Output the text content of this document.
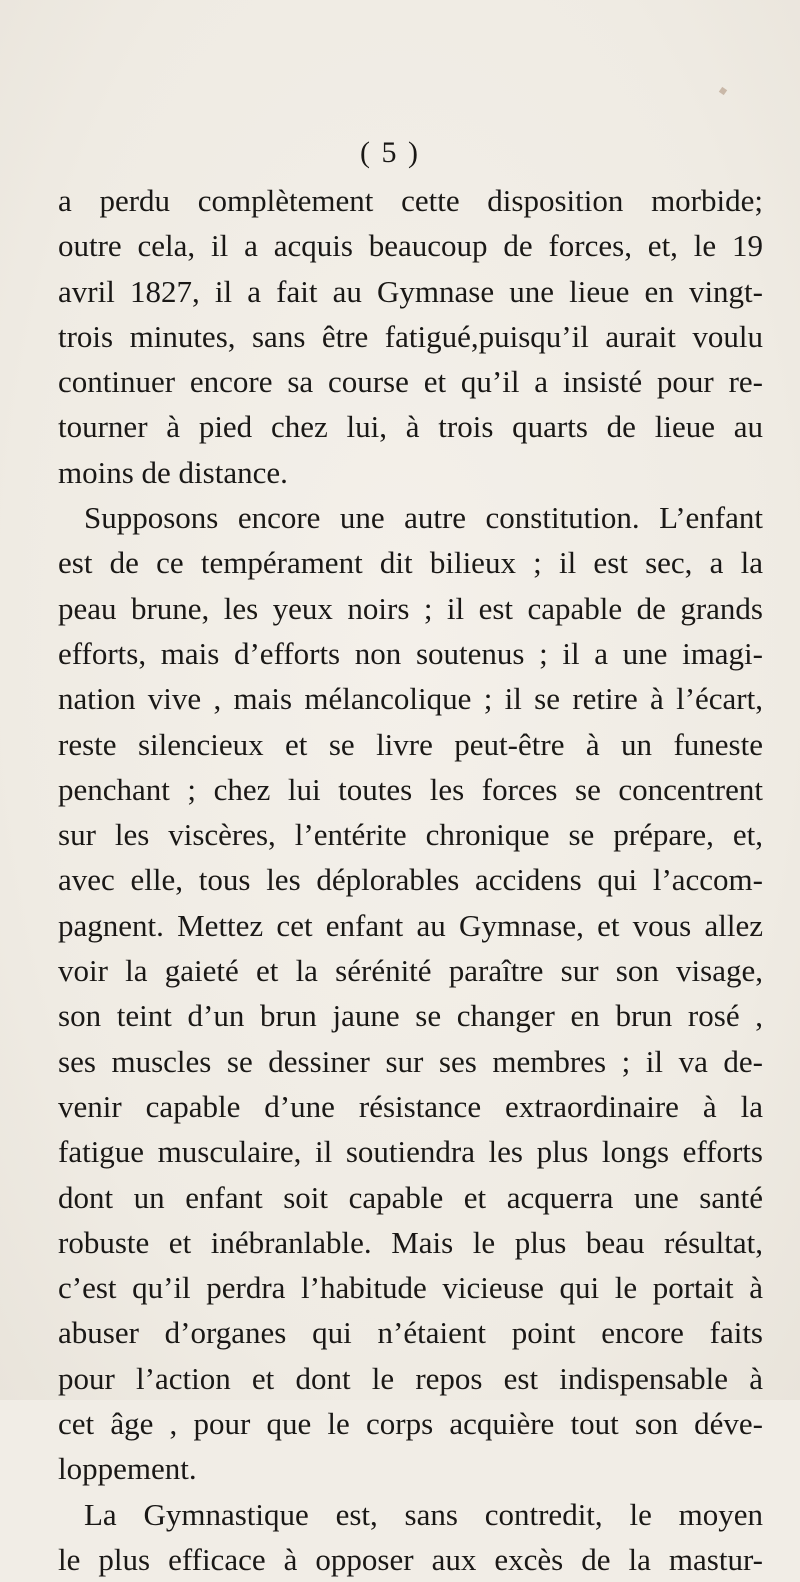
( 5 )
a perdu complètement cette disposition morbide;
outre cela, il a acquis beaucoup de forces, et, le 19
avril 1827, il a fait au Gymnase une lieue en vingt-
trois minutes, sans être fatigué,puisqu’il aurait voulu
continuer encore sa course et qu’il a insisté pour re-
tourner à pied chez lui, à trois quarts de lieue au
moins de distance.
Supposons encore une autre constitution. L’enfant
est de ce tempérament dit bilieux ; il est sec, a la
peau brune, les yeux noirs ; il est capable de grands
efforts, mais d’efforts non soutenus ; il a une imagi-
nation vive , mais mélancolique ; il se retire à l’écart,
reste silencieux et se livre peut-être à un funeste
penchant ; chez lui toutes les forces se concentrent
sur les viscères, l’entérite chronique se prépare, et,
avec elle, tous les déplorables accidens qui l’accom-
pagnent. Mettez cet enfant au Gymnase, et vous allez
voir la gaieté et la sérénité paraître sur son visage,
son teint d’un brun jaune se changer en brun rosé ,
ses muscles se dessiner sur ses membres ; il va de-
venir capable d’une résistance extraordinaire à la
fatigue musculaire, il soutiendra les plus longs efforts
dont un enfant soit capable et acquerra une santé
robuste et inébranlable. Mais le plus beau résultat,
c’est qu’il perdra l’habitude vicieuse qui le portait à
abuser d’organes qui n’étaient point encore faits
pour l’action et dont le repos est indispensable à
cet âge , pour que le corps acquière tout son déve-
loppement.
La Gymnastique est, sans contredit, le moyen
le plus efficace à opposer aux excès de la mastur-
